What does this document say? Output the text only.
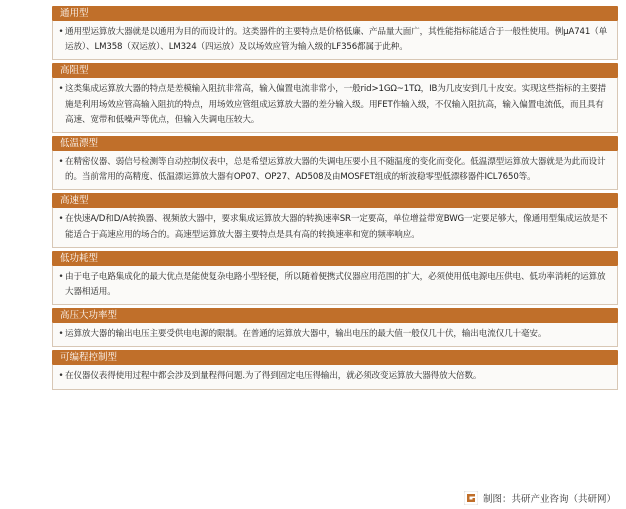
通用型
• 通用型运算放大器就是以通用为目的而设计的。这类器件的主要特点是价格低廉、产品量大面广，其性能指标能适合于一般性使用。例μA741（单运放）、LM358（双运放）、LM324（四运放）及以场效应管为输入级的LF356都属于此种。
高阻型
• 这类集成运算放大器的特点是差模输入阻抗非常高，输入偏置电流非常小，一般rid>1GΩ~1TΩ，IB为几皮安到几十皮安。实现这些指标的主要措施是利用场效应管高输入阻抗的特点，用场效应管组成运算放大器的差分输入级。用FET作输入级，不仅输入阻抗高，输入偏置电流低，而且具有高速、宽带和低噪声等优点，但输入失调电压较大。
低温漂型
• 在精密仪器、弱信号检测等自动控制仪表中，总是希望运算放大器的失调电压要小且不随温度的变化而变化。低温漂型运算放大器就是为此而设计的。当前常用的高精度、低温漂运算放大器有OP07、OP27、AD508及由MOSFET组成的斩波稳零型低漂移器件ICL7650等。
高速型
• 在快速A/D和D/A转换器、视频放大器中，要求集成运算放大器的转换速率SR一定要高，单位增益带宽BWG一定要足够大，像通用型集成运放是不能适合于高速应用的场合的。高速型运算放大器主要特点是具有高的转换速率和宽的频率响应。
低功耗型
• 由于电子电路集成化的最大优点是能使复杂电路小型轻便，所以随着便携式仪器应用范围的扩大，必须使用低电源电压供电、低功率消耗的运算放大器相适用。
高压大功率型
• 运算放大器的输出电压主要受供电电源的限制。在普通的运算放大器中，输出电压的最大值一般仅几十伏，输出电流仅几十毫安。
可编程控制型
• 在仪器仪表得使用过程中都会涉及到量程得问题.为了得到固定电压得输出，就必须改变运算放大器得放大倍数。
制图：共研产业咨询（共研网）
